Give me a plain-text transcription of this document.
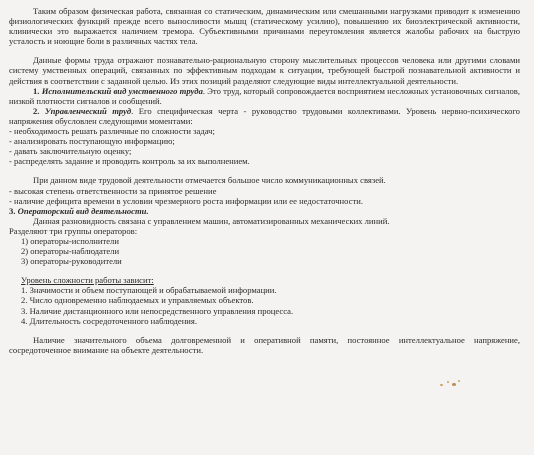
Таким образом физическая работа, связанная со статическим, динамическим или смешанными нагрузками приводит к изменению физиологических функций прежде всего выносливости мышц (статическому усилию), повышению их биоэлектрической активности, клинически это выражается наличием тремора. Субъективными причинами переутомления является жалобы рабочих на быструю усталость и ноющие боли в различных частях тела.

Данные формы труда отражают познавательно-рациональную сторону мыслительных процессов человека или другими словами систему умственных операций, связанных по эффективным подходам к ситуации, требующей быстрой познавательной активности и действия в соответствии с заданной целью. Из этих позиций разделяют следующие виды интеллектуальной деятельности.

1. Исполнительский вид умственного труда. Это труд, который сопровождается восприятием несложных установочных сигналов, низкой плотности сигналов и сообщений.

2. Управленческий труд. Его специфическая черта - руководство трудовыми коллективами. Уровень нервно-психического напряжения обусловлен следующими моментами:

- необходимость решать различные по сложности задач;
- анализировать поступающую информацию;
- давать заключительную оценку;
- распределять задание и проводить контроль за их выполнением.

При данном виде трудовой деятельности отмечается большое число коммуникационных связей.

- высокая степень ответственности за принятое решение
- наличие дефицита времени в условии чрезмерного роста информации или ее недостаточности.

3. Операторский вид деятельности.

Данная разновидность связана с управлением машин, автоматизированных механических линий.

Разделяют три группы операторов:

1) операторы-исполнители
2) операторы-наблюдатели
3) операторы-руководители
Уровень сложности работы зависит:
1. Значимости и объем поступающей и обрабатываемой информации.
2. Число одновременно наблюдаемых и управляемых объектов.
3. Наличие дистанционного или непосредственного управления процесса.
4. Длительность сосредоточенного наблюдения.

Наличие значительного объема долговременной и оперативной памяти, постоянное интеллектуальное напряжение, сосредоточенное внимание на объекте деятельности.
